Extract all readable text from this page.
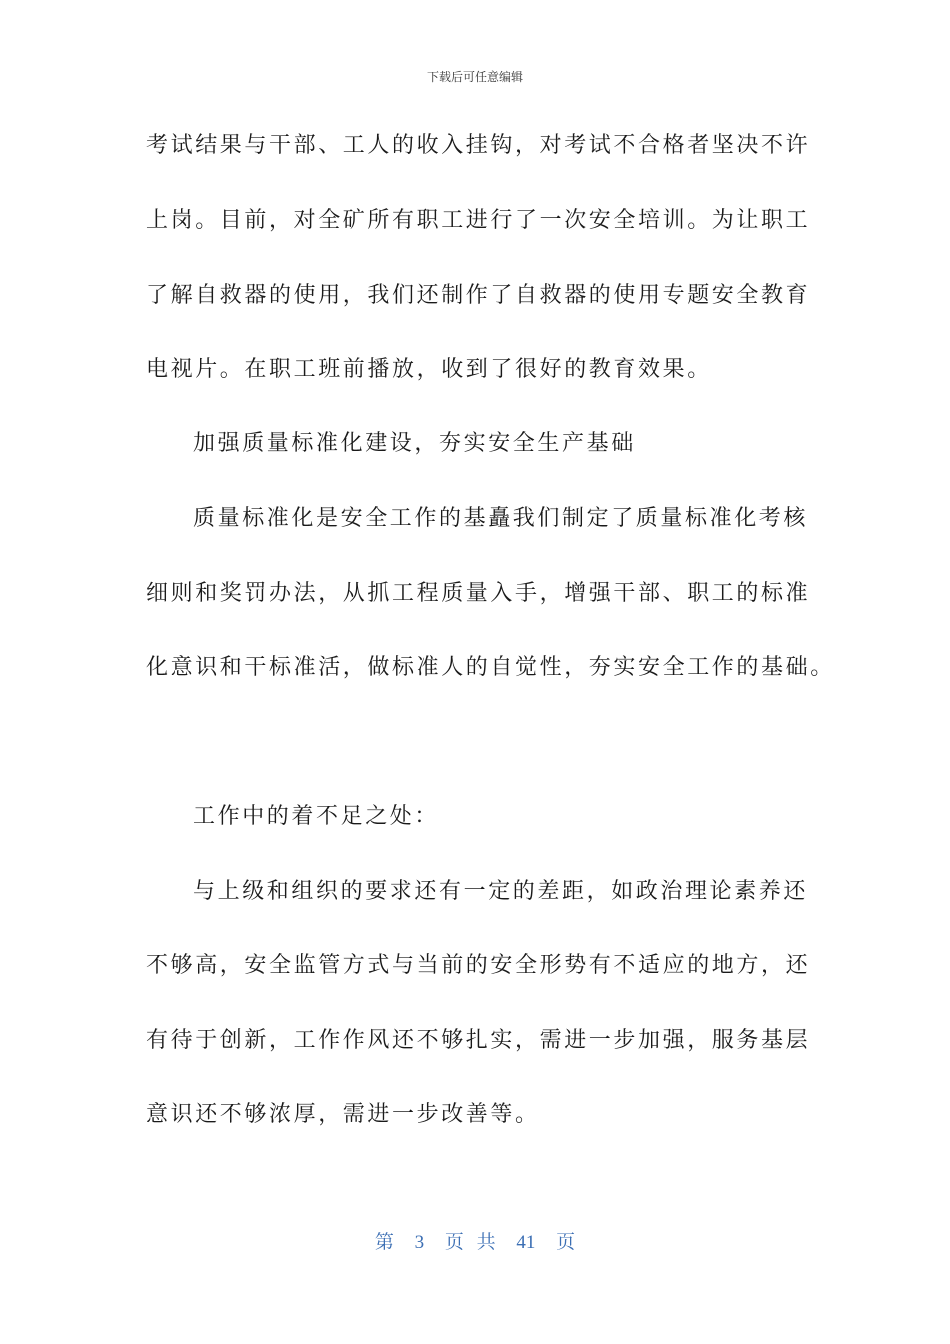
下载后可任意编辑
考试结果与干部、工人的收入挂钩，对考试不合格者坚决不许
上岗。目前，对全矿所有职工进行了一次安全培训。为让职工
了解自救器的使用，我们还制作了自救器的使用专题安全教育
电视片。在职工班前播放，收到了很好的教育效果。
加强质量标准化建设，夯实安全生产基础
质量标准化是安全工作的基矗我们制定了质量标准化考核
细则和奖罚办法，从抓工程质量入手，增强干部、职工的标准
化意识和干标准活，做标准人的自觉性，夯实安全工作的基础。
工作中的着不足之处：
与上级和组织的要求还有一定的差距，如政治理论素养还
不够高，安全监管方式与当前的安全形势有不适应的地方，还
有待于创新，工作作风还不够扎实，需进一步加强，服务基层
意识还不够浓厚，需进一步改善等。
第 3 页 共 41 页
